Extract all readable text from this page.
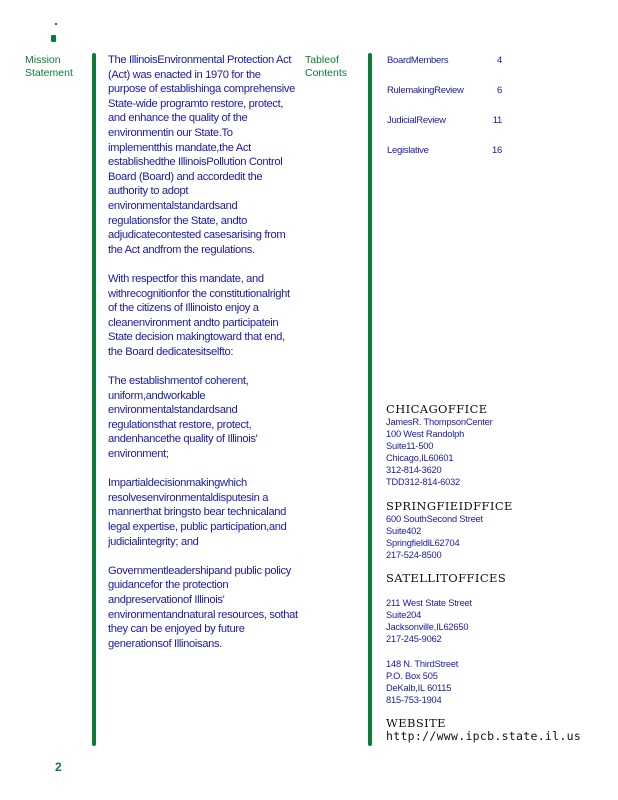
Mission Statement

The IllinoisEnvironmental Protection Act (Act) was enacted in 1970 for the purpose of establishinga comprehensive State-wide programto restore, protect, and enhance the quality of the environmentin our State.To implementthis mandate,the Act establishedthe IllinoisPollution Control Board (Board) and accordedit the authority to adopt environmentalstandardsand regulationsfor the State, andto adjudicatecontested casesarising from the Act andfrom the regulations.

With respectfor this mandate, and withrecognitionfor the constitutionalright of the citizens of Illinoisto enjoy a cleanenvironment andto participatein State decision makingtoward that end, the Board dedicatesitselfto:

The establishmentof coherent, uniform,andworkable environmentalstandardsand regulationsthat restore, protect, andenhancethe quality of Illinois' environment;

Impartialdecisionmakingwhich resolvesenvironmentaldisputesin a mannerthat bringsto bear technicaland legal expertise, public participation,and judicialintegrity; and

Governmentleadershipand public policy guidancefor the protection andpreservationof Illinois' environmentandnatural resources, sothat they can be enjoyed by future generationsof Illinoisans.

Tableof Contents
BoardMembers	4
RulemakingReview	6
JudicialReview	11
Legislative	16
CHICAGOFFICE
JamesR. ThompsonCenter
100 West Randolph
Suite11-500
Chicago,IL60601
312-814-3620
TDD312-814-6032
SPRINGFIEIDFFICE
600 SouthSecond Street
Suite402
SpringfieldlL62704
217-524-8500
SATELLITOFFICES
211 West State Street
Suite204
Jacksonville,IL62650
217-245-9062
148 N. ThirdStreet
P.O. Box 505
DeKalb,IL 60115
815-753-1904
WEBSITE
http://www.ipcb.state.il.us
2
